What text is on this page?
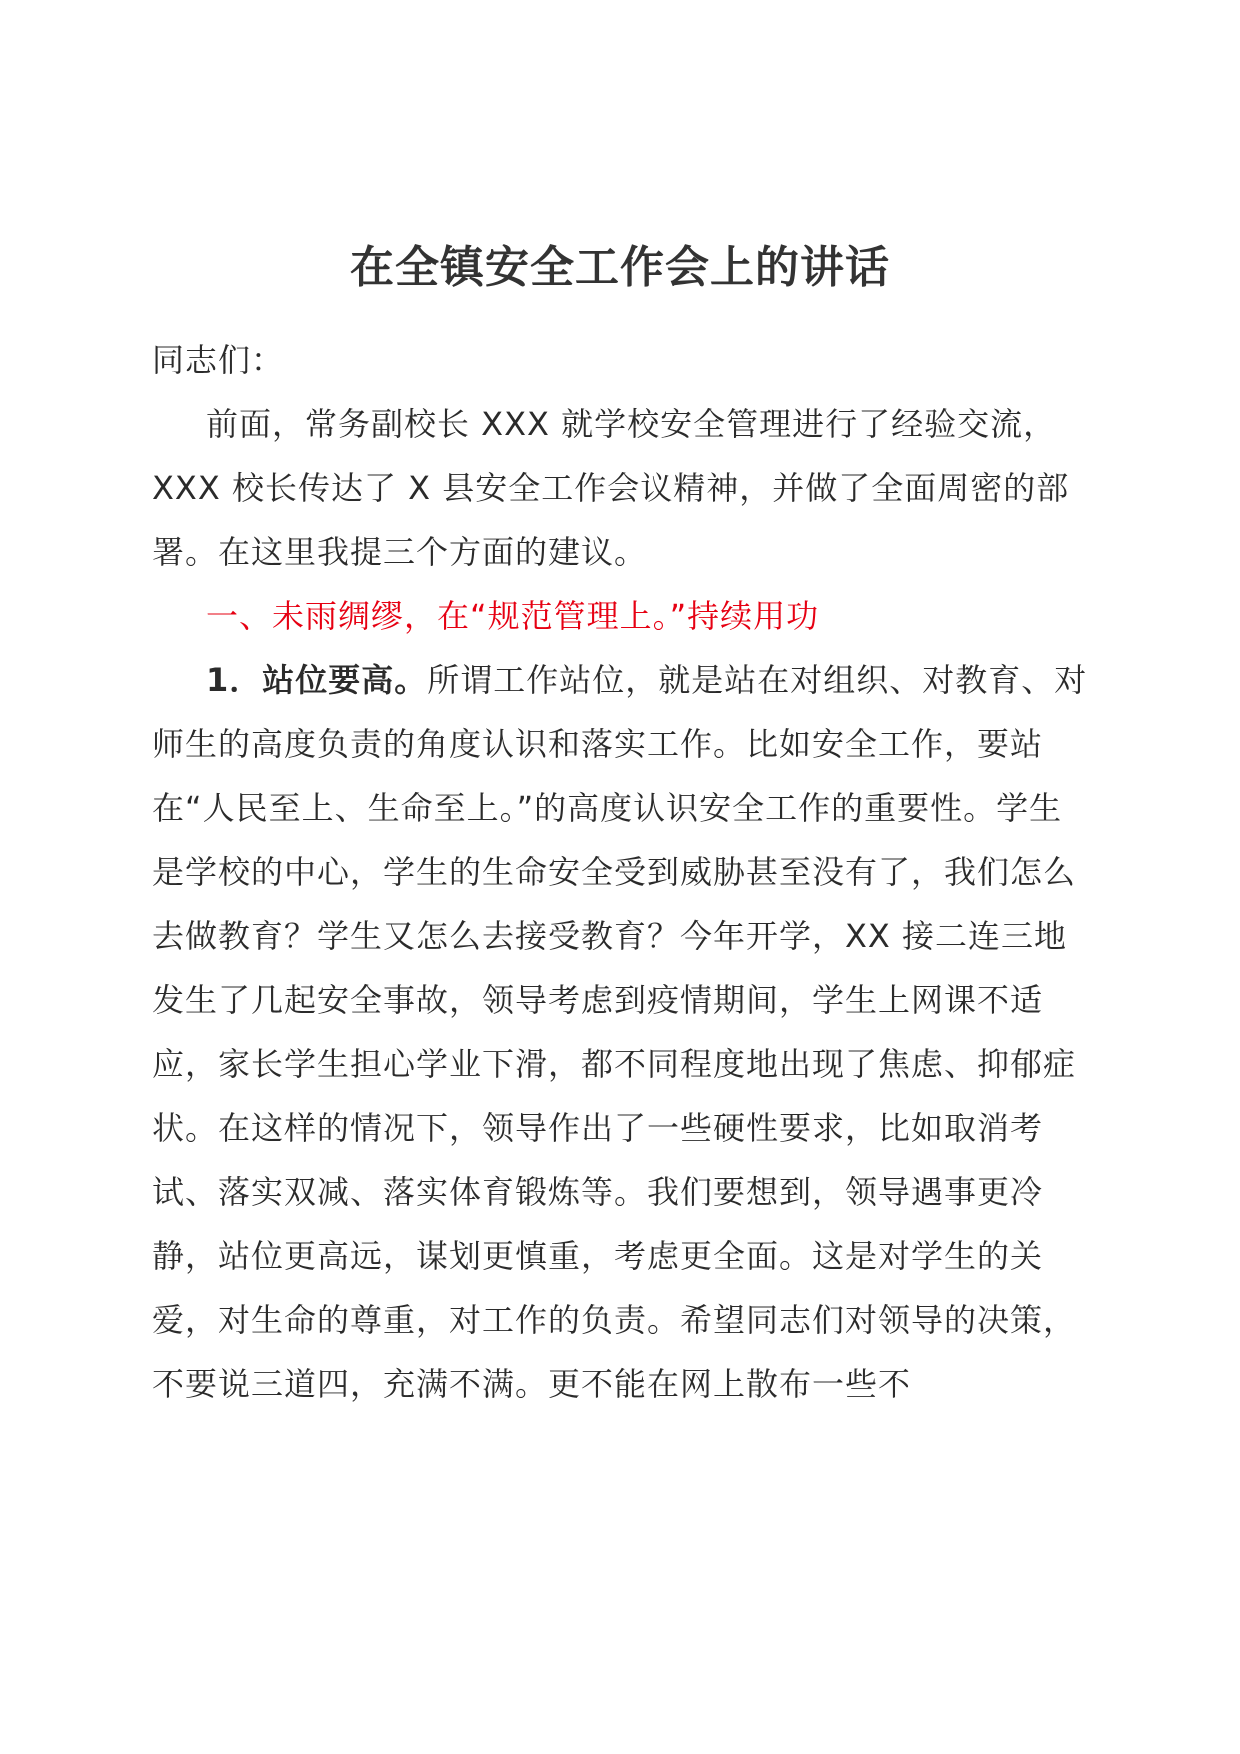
在全镇安全工作会上的讲话

同志们：

前面，常务副校长 XXX 就学校安全管理进行了经验交流，XXX 校长传达了 X 县安全工作会议精神，并做了全面周密的部署。在这里我提三个方面的建议。

一、未雨绸缪，在“规范管理上。”持续用功

1．站位要高。所谓工作站位，就是站在对组织、对教育、对师生的高度负责的角度认识和落实工作。比如安全工作，要站在“人民至上、生命至上。”的高度认识安全工作的重要性。学生是学校的中心，学生的生命安全受到威胁甚至没有了，我们怎么去做教育？学生又怎么去接受教育？今年开学，XX 接二连三地发生了几起安全事故，领导考虑到疫情期间，学生上网课不适应，家长学生担心学业下滑，都不同程度地出现了焦虑、抑郁症状。在这样的情况下，领导作出了一些硬性要求，比如取消考试、落实双减、落实体育锻炼等。我们要想到，领导遇事更冷静，站位更高远，谋划更慎重，考虑更全面。这是对学生的关爱，对生命的尊重，对工作的负责。希望同志们对领导的决策，不要说三道四，充满不满。更不能在网上散布一些不
